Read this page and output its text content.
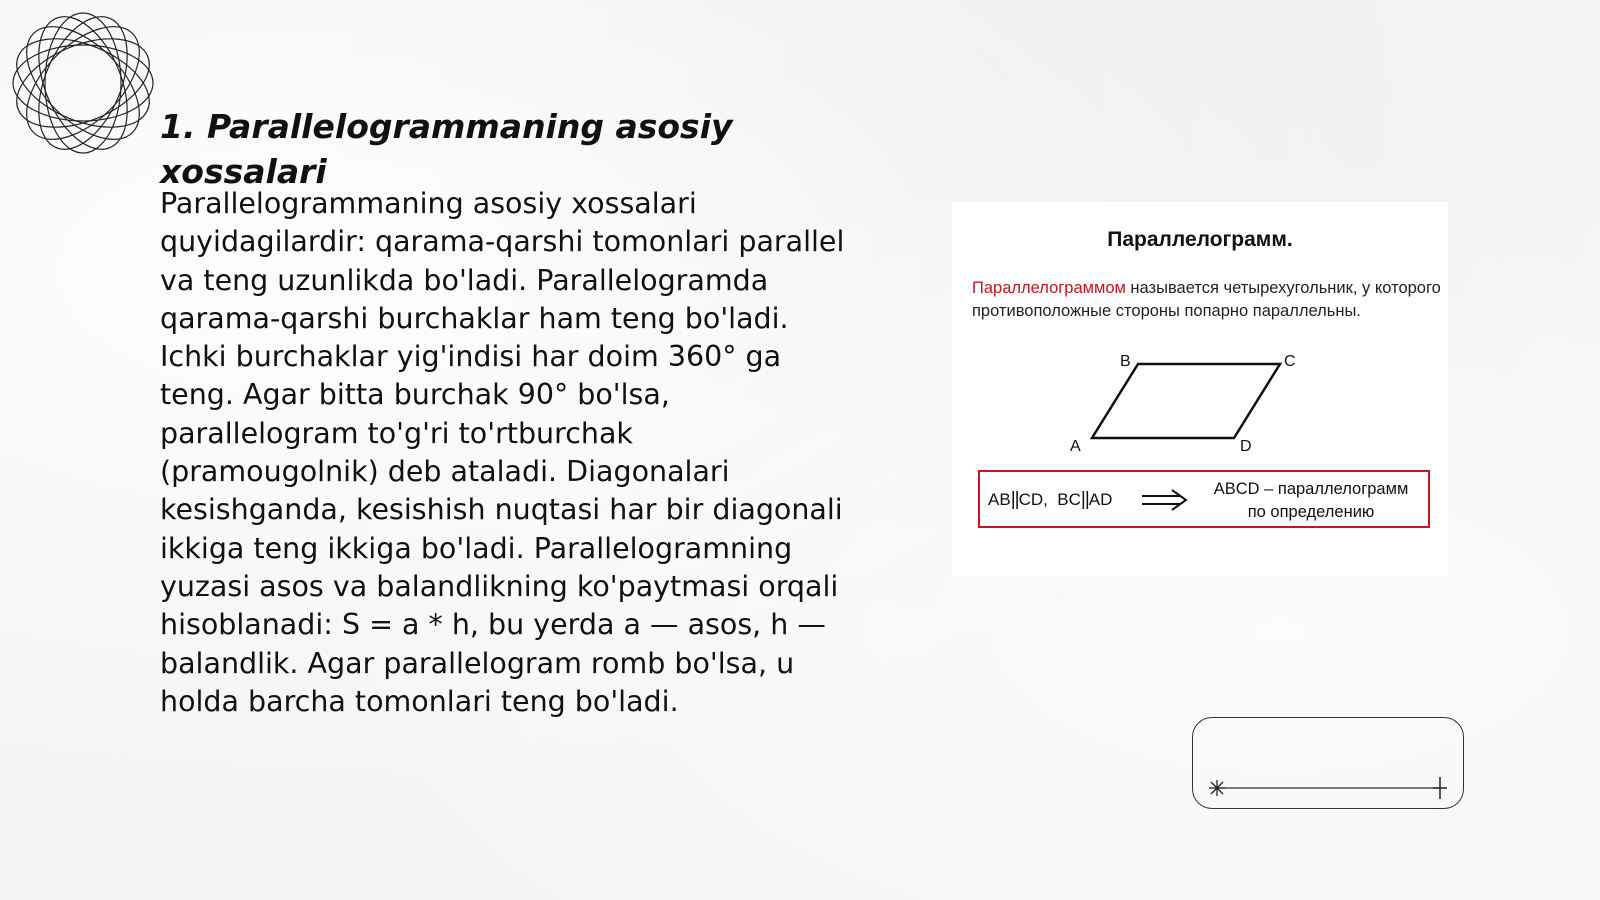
1. Parallelogrammaning asosiy xossalari

Parallelogrammaning asosiy xossalari quyidagilardir: qarama-qarshi tomonlari parallel va teng uzunlikda bo'ladi. Parallelogramda qarama-qarshi burchaklar ham teng bo'ladi. Ichki burchaklar yig'indisi har doim 360° ga teng. Agar bitta burchak 90° bo'lsa, parallelogram to'g'ri to'rtburchak (pramougolnik) deb ataladi. Diagonalari kesishganda, kesishish nuqtasi har bir diagonali ikkiga teng ikkiga bo'ladi. Parallelogramning yuzasi asos va balandlikning ko'paytmasi orqali hisoblanadi: S = a * h, bu yerda a — asos, h — balandlik. Agar parallelogram romb bo'lsa, u holda barcha tomonlari teng bo'ladi.

Параллелограмм.
Параллелограммом называется четырехугольник, у которого противоположные стороны попарно параллельны.
A
B	C
D
AB||CD, BC||AD
ABCD – параллелограмм
по определению
